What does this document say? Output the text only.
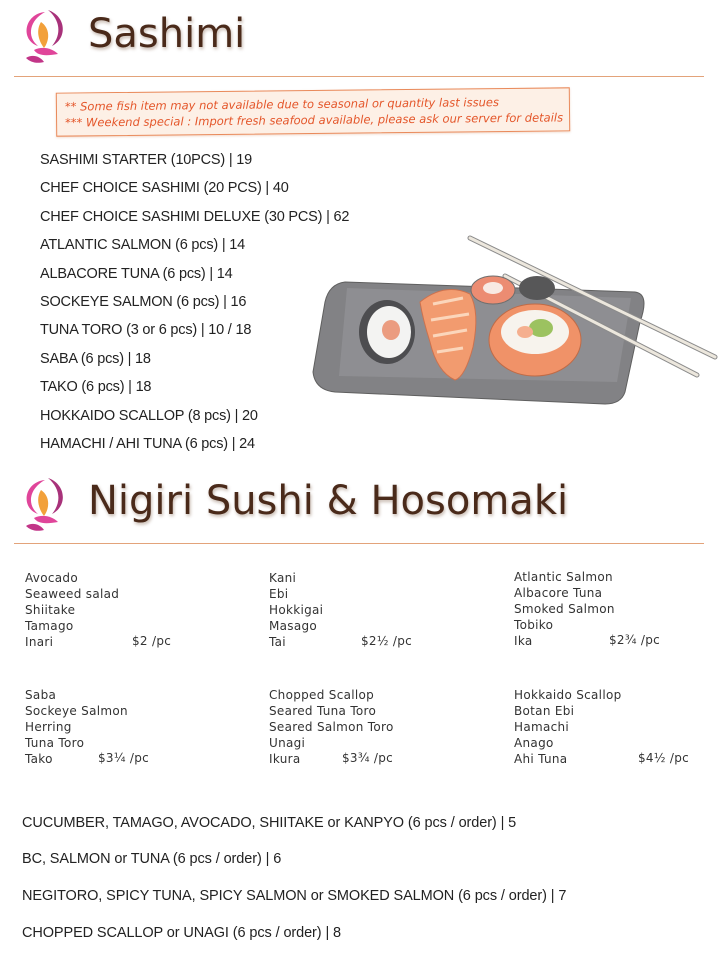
Sashimi
** Some fish item may not available due to seasonal or quantity last issues
*** Weekend special : Import fresh seafood available, please ask our server for details
SASHIMI STARTER (10PCS) | 19
CHEF CHOICE SASHIMI (20 PCS) | 40
CHEF CHOICE SASHIMI DELUXE (30 PCS) | 62
ATLANTIC SALMON (6 pcs) | 14
ALBACORE TUNA (6 pcs) | 14
SOCKEYE SALMON (6 pcs) | 16
TUNA TORO (3 or 6 pcs) | 10 / 18
SABA (6 pcs) | 18
TAKO (6 pcs) | 18
HOKKAIDO SCALLOP (8 pcs) | 20
HAMACHI / AHI TUNA (6 pcs) | 24
Nigiri Sushi & Hosomaki
Avocado
Seaweed salad
Shiitake
Tamago
Inari	$2 /pc
Kani
Ebi
Hokkigai
Masago
Tai	$2½ /pc
Atlantic Salmon
Albacore Tuna
Smoked Salmon
Tobiko
Ika	$2¾ /pc
Saba
Sockeye Salmon
Herring
Tuna Toro
Tako	$3¼ /pc
Chopped Scallop
Seared Tuna Toro
Seared Salmon Toro
Unagi
Ikura	$3¾ /pc
Hokkaido Scallop
Botan Ebi
Hamachi
Anago
Ahi Tuna	$4½ /pc
CUCUMBER, TAMAGO, AVOCADO, SHIITAKE or KANPYO (6 pcs / order) | 5
BC, SALMON or TUNA (6 pcs / order) | 6
NEGITORO, SPICY TUNA, SPICY SALMON or SMOKED SALMON (6 pcs / order) | 7
CHOPPED SCALLOP or UNAGI (6 pcs / order) | 8
